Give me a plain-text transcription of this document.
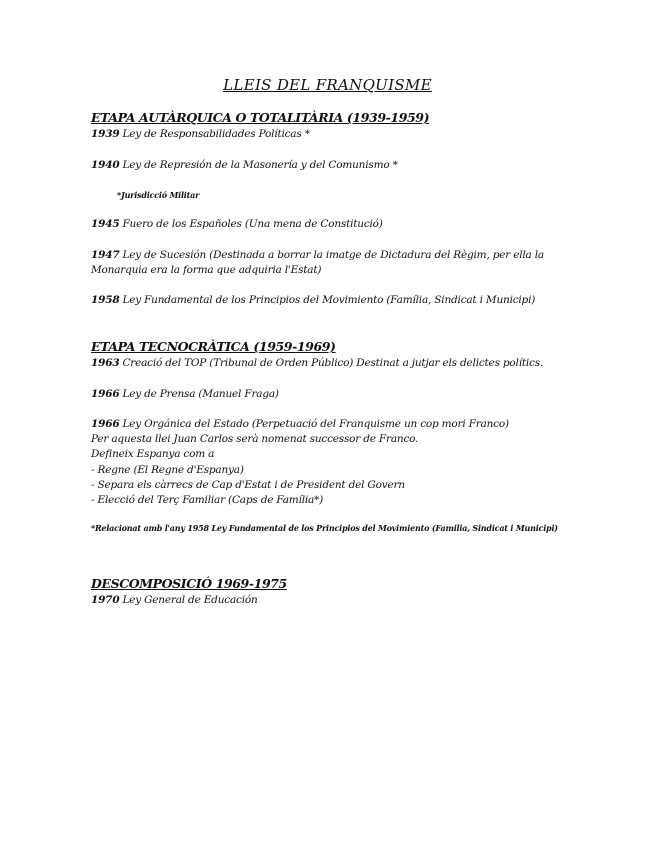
LLEIS DEL FRANQUISME
ETAPA AUTÀRQUICA O TOTALITÀRIA (1939-1959)
1939 Ley de Responsabilidades Políticas *
1940 Ley de Represión de la Masonería y del Comunismo *
*Jurisdicció Militar
1945 Fuero de los Españoles (Una mena de Constitució)
1947 Ley de Sucesión (Destinada a borrar la imatge de Dictadura del Règim, per ella la Monarquia era la forma que adquiria l'Estat)
1958 Ley Fundamental de los Principios del Movimiento (Família, Sindicat i Municipi)
ETAPA TECNOCRÀTICA (1959-1969)
1963 Creació del TOP (Tribunal de Orden Público) Destinat a jutjar els delictes polítics.
1966 Ley de Prensa (Manuel Fraga)
1966 Ley Orgánica del Estado (Perpetuació del Franquisme un cop mori Franco)
Per aquesta llei Juan Carlos serà nomenat successor de Franco.
Defineix Espanya com a
- Regne (El Regne d'Espanya)
- Separa els càrrecs de Cap d'Estat i de President del Govern
- Elecció del Terç Familiar (Caps de Família*)
*Relacionat amb l'any 1958 Ley Fundamental de los Principios del Movimiento (Familia, Sindicat i Municipi)
DESCOMPOSICIÓ 1969-1975
1970 Ley General de Educación
